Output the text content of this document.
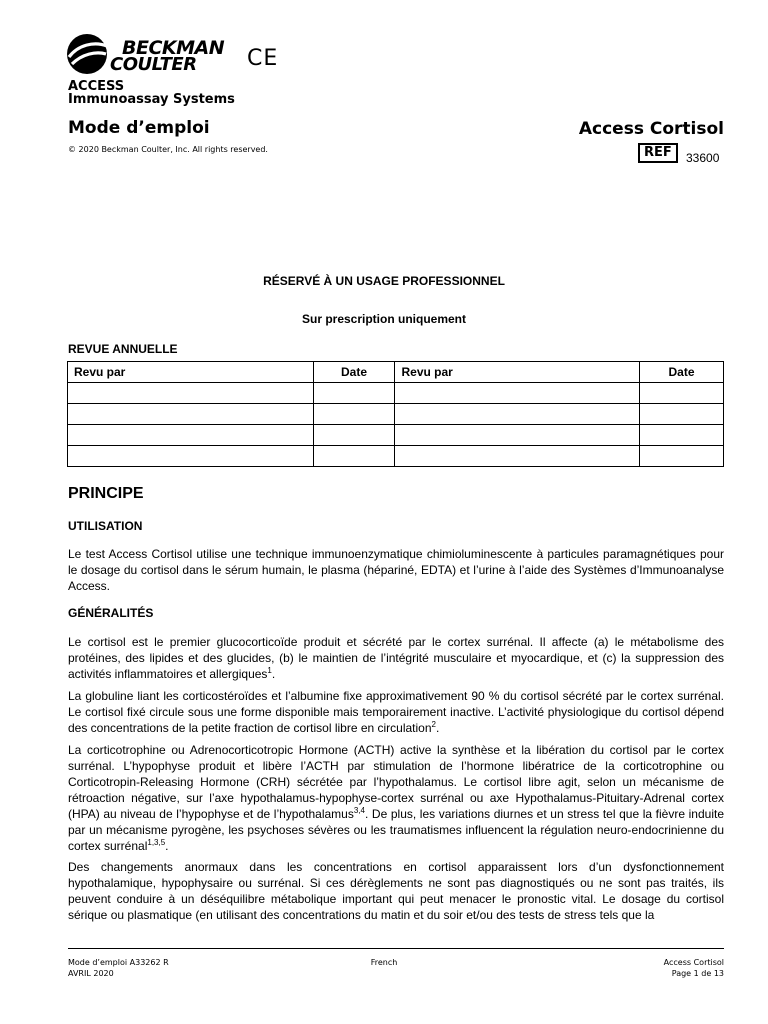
BECKMAN
COULTER CE
ACCESS
Immunoassay Systems
Mode d’emploi
© 2020 Beckman Coulter, Inc. All rights reserved.
Access Cortisol
REF	33600
RÉSERVÉ À UN USAGE PROFESSIONNEL
Sur prescription uniquement
REVUE ANNUELLE
Revu par	Date	Revu par	Date

PRINCIPE
UTILISATION
Le test Access Cortisol utilise une technique immunoenzymatique chimioluminescente à particules paramagnétiques pour le dosage du cortisol dans le sérum humain, le plasma (hépariné, EDTA) et l’urine à l’aide des Systèmes d’Immunoanalyse Access.
GÉNÉRALITÉS
Le cortisol est le premier glucocorticoïde produit et sécrété par le cortex surrénal. Il affecte (a) le métabolisme des protéines, des lipides et des glucides, (b) le maintien de l’intégrité musculaire et myocardique, et (c) la suppression des activités inflammatoires et allergiques$^1$.
La globuline liant les corticostéroïdes et l’albumine fixe approximativement 90 % du cortisol sécrété par le cortex surrénal. Le cortisol fixé circule sous une forme disponible mais temporairement inactive. L’activité physiologique du cortisol dépend des concentrations de la petite fraction de cortisol libre en circulation$^2$.
La corticotrophine ou Adrenocorticotropic Hormone (ACTH) active la synthèse et la libération du cortisol par le cortex surrénal. L’hypophyse produit et libère l’ACTH par stimulation de l’hormone libératrice de la corticotrophine ou Corticotropin-Releasing Hormone (CRH) sécrétée par l’hypothalamus. Le cortisol libre agit, selon un mécanisme de rétroaction négative, sur l’axe hypothalamus-hypophyse-cortex surrénal ou axe Hypothalamus-Pituitary-Adrenal cortex (HPA) au niveau de l’hypophyse et de l’hypothalamus$^{3,4}$. De plus, les variations diurnes et un stress tel que la fièvre induite par un mécanisme pyrogène, les psychoses sévères ou les traumatismes influencent la régulation neuro-endocrinienne du cortex surrénal$^{1,3,5}$.
Des changements anormaux dans les concentrations en cortisol apparaissent lors d’un dysfonctionnement hypothalamique, hypophysaire ou surrénal. Si ces dérèglements ne sont pas diagnostiqués ou ne sont pas traités, ils peuvent conduire à un déséquilibre métabolique important qui peut menacer le pronostic vital. Le dosage du cortisol sérique ou plasmatique (en utilisant des concentrations du matin et du soir et/ou des tests de stress tels que la
Mode d’emploi A33262 R
AVRIL 2020
French	Access Cortisol
Page 1 de 13
